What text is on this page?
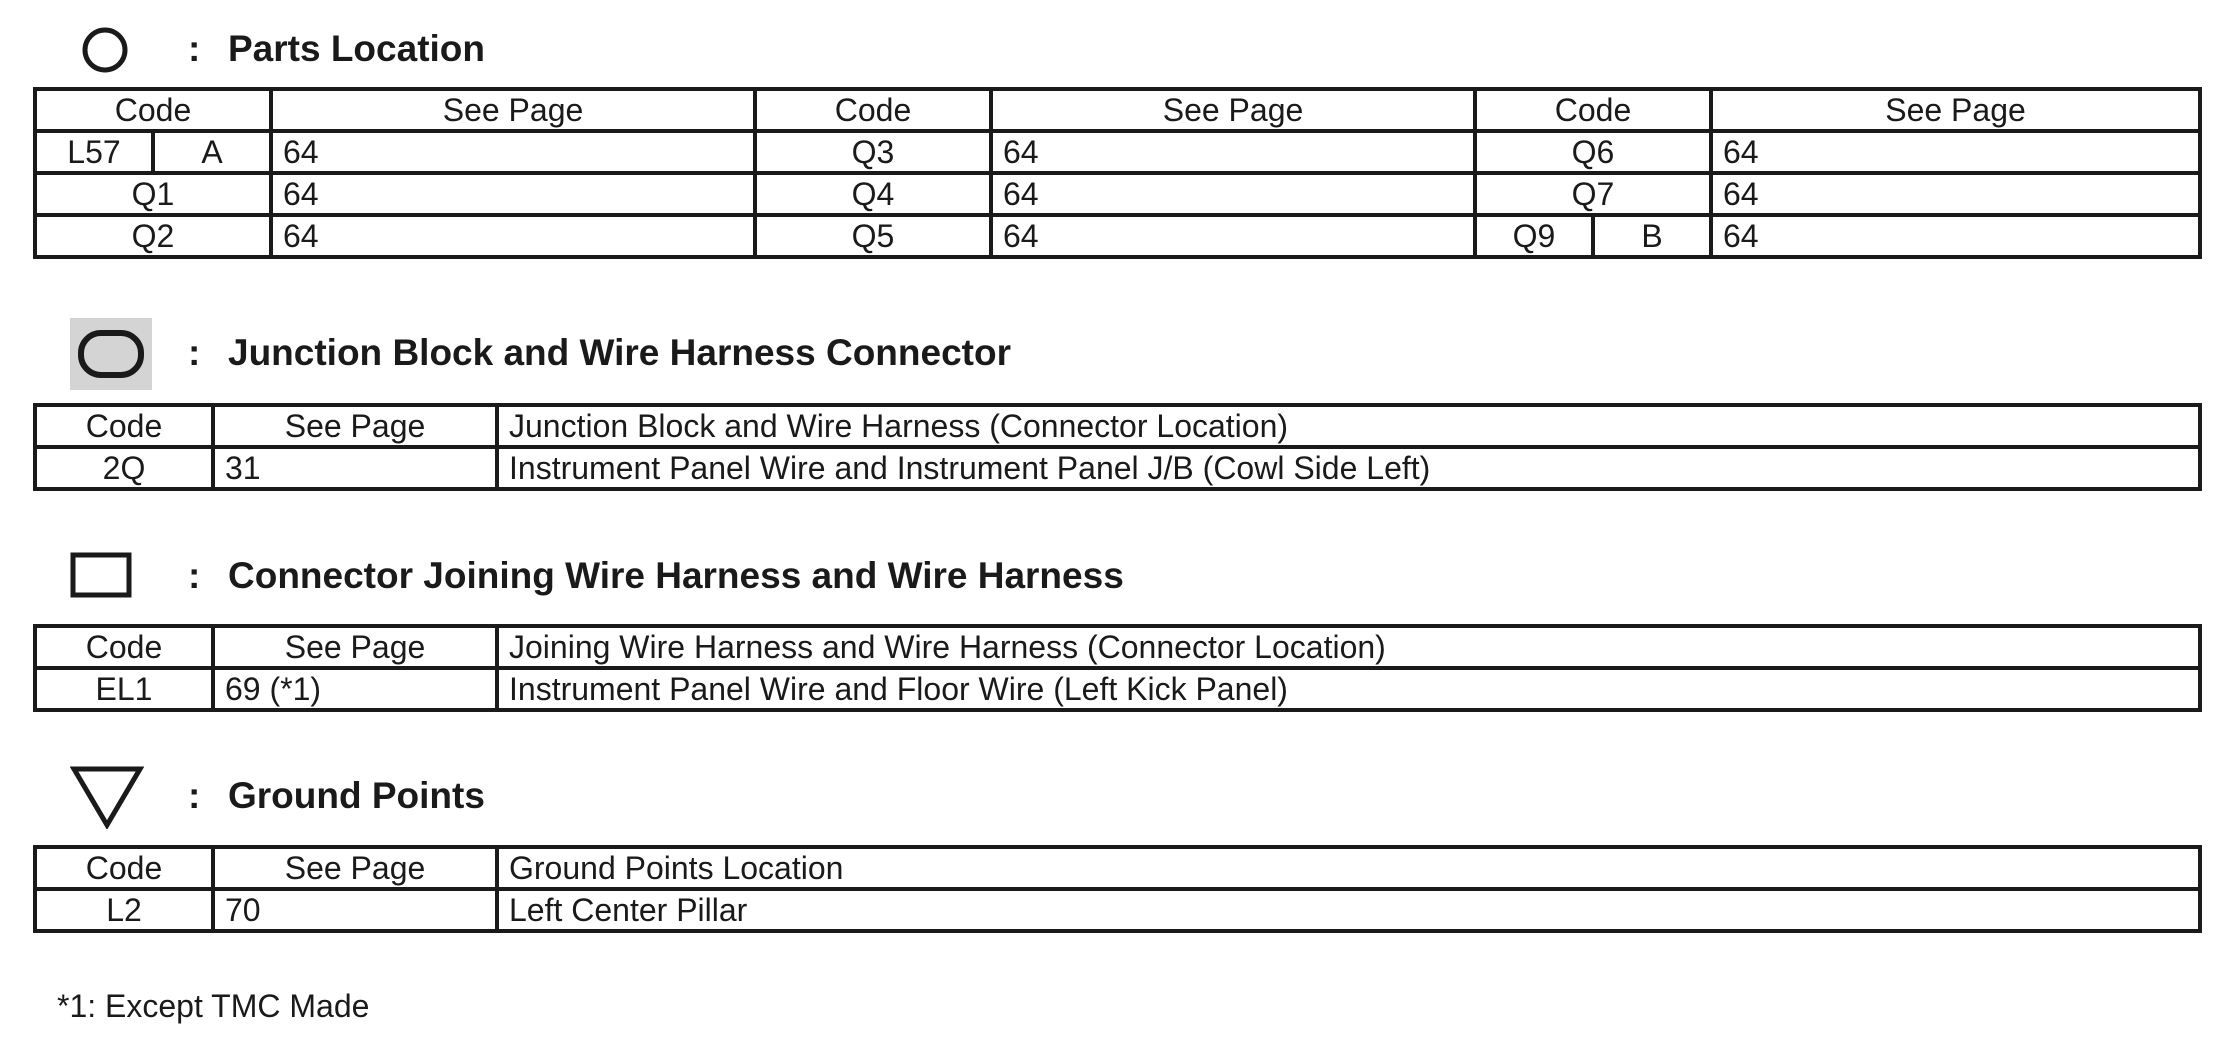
: Parts Location
Code		See Page	Code	See Page	Code		See Page
L57	A	64	Q3	64	Q6		64
Q1		64	Q4	64	Q7		64
Q2		64	Q5	64	Q9	B	64
: Junction Block and Wire Harness Connector
Code	See Page	Junction Block and Wire Harness (Connector Location)
2Q	31	Instrument Panel Wire and Instrument Panel J/B (Cowl Side Left)
: Connector Joining Wire Harness and Wire Harness
Code	See Page	Joining Wire Harness and Wire Harness (Connector Location)
EL1	69 (*1)	Instrument Panel Wire and Floor Wire (Left Kick Panel)
: Ground Points
Code	See Page	Ground Points Location
L2	70	Left Center Pillar
*1: Except TMC Made
